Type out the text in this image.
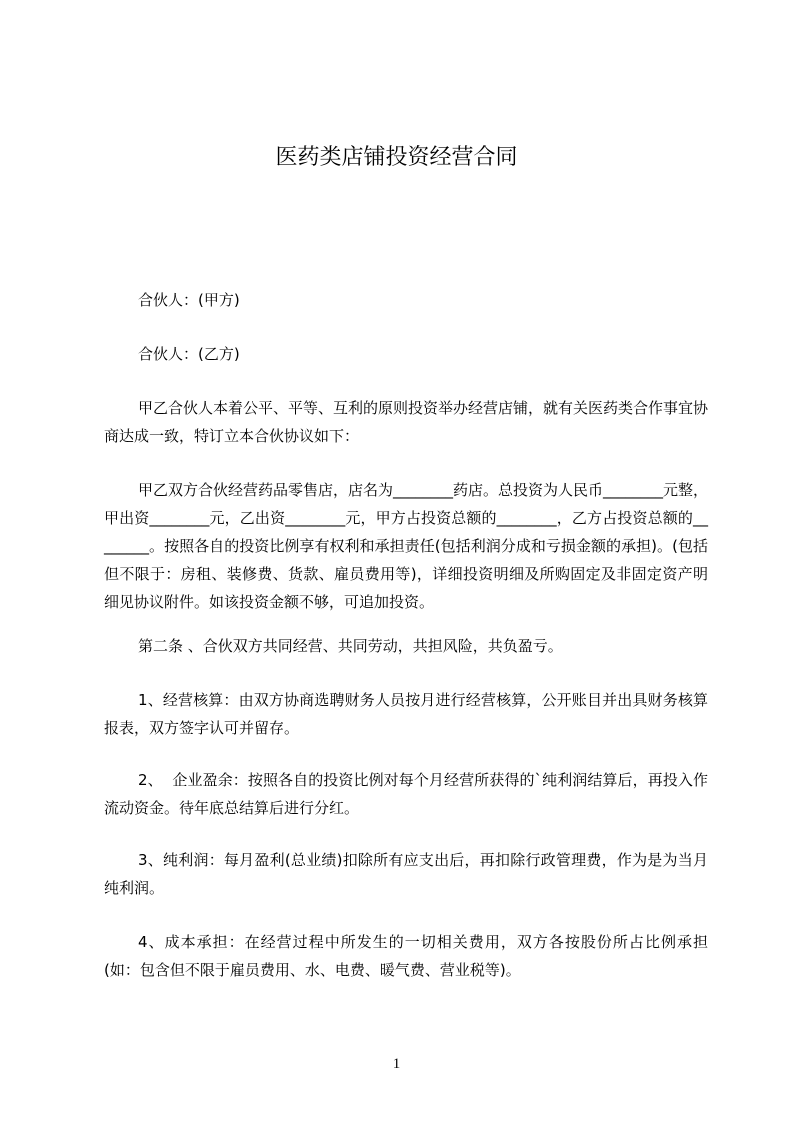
医药类店铺投资经营合同

合伙人：(甲方)

合伙人：(乙方)

甲乙合伙人本着公平、平等、互利的原则投资举办经营店铺，就有关医药类合作事宜协商达成一致，特订立本合伙协议如下：

甲乙双方合伙经营药品零售店，店名为________药店。总投资为人民币________元整，甲出资________元，乙出资________元，甲方占投资总额的________，乙方占投资总额的________。按照各自的投资比例享有权利和承担责任(包括利润分成和亏损金额的承担)。(包括但不限于：房租、装修费、货款、雇员费用等)，详细投资明细及所购固定及非固定资产明细见协议附件。如该投资金额不够，可追加投资。

第二条 、合伙双方共同经营、共同劳动，共担风险，共负盈亏。

1、经营核算：由双方协商选聘财务人员按月进行经营核算，公开账目并出具财务核算报表，双方签字认可并留存。

2、  企业盈余：按照各自的投资比例对每个月经营所获得的`纯利润结算后，再投入作流动资金。待年底总结算后进行分红。

3、纯利润：每月盈利(总业绩)扣除所有应支出后，再扣除行政管理费，作为是为当月纯利润。

4、成本承担：在经营过程中所发生的一切相关费用，双方各按股份所占比例承担(如：包含但不限于雇员费用、水、电费、暖气费、营业税等)。

1
